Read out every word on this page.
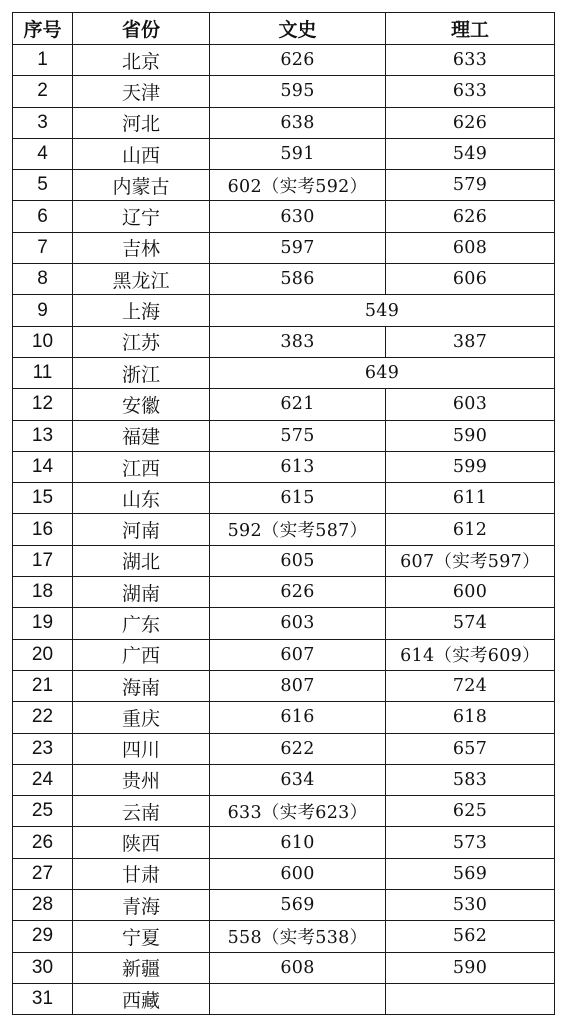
序号	省份	文史	理工
1	北京	626	633
2	天津	595	633
3	河北	638	626
4	山西	591	549
5	内蒙古	602（实考592）	579
6	辽宁	630	626
7	吉林	597	608
8	黑龙江	586	606
9	上海	549	
10	江苏	383	387
11	浙江	649	
12	安徽	621	603
13	福建	575	590
14	江西	613	599
15	山东	615	611
16	河南	592（实考587）	612
17	湖北	605	607（实考597）
18	湖南	626	600
19	广东	603	574
20	广西	607	614（实考609）
21	海南	807	724
22	重庆	616	618
23	四川	622	657
24	贵州	634	583
25	云南	633（实考623）	625
26	陕西	610	573
27	甘肃	600	569
28	青海	569	530
29	宁夏	558（实考538）	562
30	新疆	608	590
31	西藏		
